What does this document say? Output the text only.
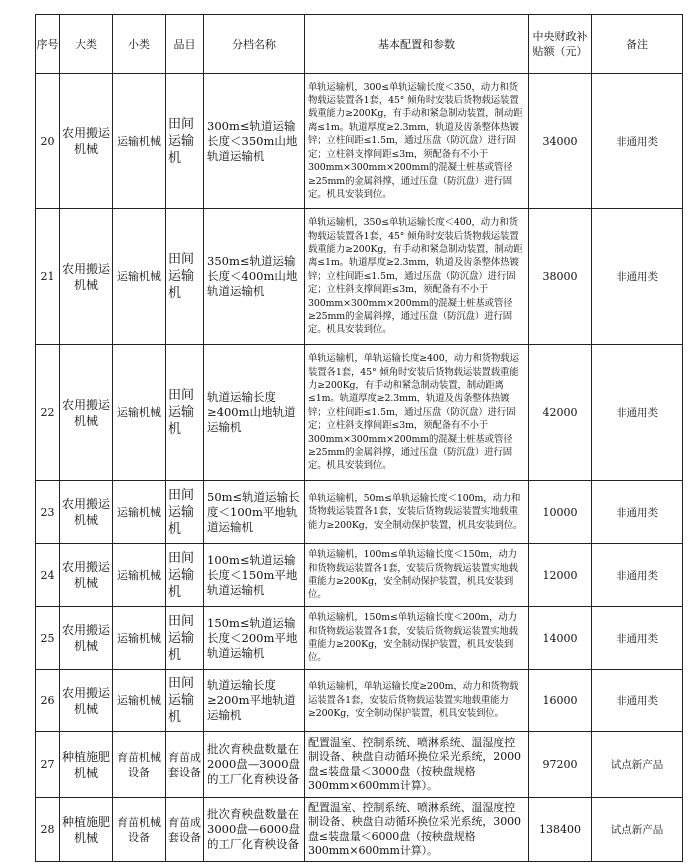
序号	大类	小类	品目	分档名称	基本配置和参数	中央财政补贴额（元）	备注
20	农用搬运机械	运输机械	田间运输机	300m≤轨道运输长度＜350m山地轨道运输机	单轨运输机，300≤单轨运输长度＜350，动力和货物载运装置各1套，45° 倾角时安装后货物载运装置载重能力≥200Kg，有手动和紧急制动装置，制动距离≤1m。轨道厚度≥2.3mm，轨道及齿条整体热镀锌；立柱间距≤1.5m，通过压盘（防沉盘）进行固定；立柱斜支撑间距≤3m，须配备有不小于300mm×300mm×200mm的混凝土桩基或管径≥25mm的金属斜撑，通过压盘（防沉盘）进行固定。机具安装到位。	34000	非通用类
21	农用搬运机械	运输机械	田间运输机	350m≤轨道运输长度＜400m山地轨道运输机	单轨运输机，350≤单轨运输长度＜400，动力和货物载运装置各1套，45° 倾角时安装后货物载运装置载重能力≥200Kg，有手动和紧急制动装置，制动距离≤1m。轨道厚度≥2.3mm，轨道及齿条整体热镀锌；立柱间距≤1.5m，通过压盘（防沉盘）进行固定；立柱斜支撑间距≤3m，须配备有不小于300mm×300mm×200mm的混凝土桩基或管径≥25mm的金属斜撑，通过压盘（防沉盘）进行固定。机具安装到位。	38000	非通用类
22	农用搬运机械	运输机械	田间运输机	轨道运输长度≥400m山地轨道运输机	单轨运输机，单轨运输长度≥400，动力和货物载运装置各1套，45° 倾角时安装后货物载运装置载重能力≥200Kg，有手动和紧急制动装置，制动距离≤1m。轨道厚度≥2.3mm，轨道及齿条整体热镀锌；立柱间距≤1.5m，通过压盘（防沉盘）进行固定；立柱斜支撑间距≤3m，须配备有不小于300mm×300mm×200mm的混凝土桩基或管径≥25mm的金属斜撑，通过压盘（防沉盘）进行固定。机具安装到位。	42000	非通用类
23	农用搬运机械	运输机械	田间运输机	50m≤轨道运输长度＜100m平地轨道运输机	单轨运输机，50m≤单轨运输长度＜100m，动力和货物载运装置各1套，安装后货物载运装置实地载重能力≥200Kg，安全制动保护装置，机具安装到位。	10000	非通用类
24	农用搬运机械	运输机械	田间运输机	100m≤轨道运输长度＜150m平地轨道运输机	单轨运输机，100m≤单轨运输长度＜150m，动力和货物载运装置各1套，安装后货物载运装置实地载重能力≥200Kg，安全制动保护装置，机具安装到位。	12000	非通用类
25	农用搬运机械	运输机械	田间运输机	150m≤轨道运输长度＜200m平地轨道运输机	单轨运输机，150m≤单轨运输长度＜200m，动力和货物载运装置各1套，安装后货物载运装置实地载重能力≥200Kg，安全制动保护装置，机具安装到位。	14000	非通用类
26	农用搬运机械	运输机械	田间运输机	轨道运输长度≥200m平地轨道运输机	单轨运输机，单轨运输长度≥200m，动力和货物载运装置各1套，安装后货物载运装置实地载重能力≥200Kg，安全制动保护装置，机具安装到位。	16000	非通用类
27	种植施肥机械	育苗机械设备	育苗成套设备	批次育秧盘数量在2000盘—3000盘的工厂化育秧设备	配置温室、控制系统、喷淋系统、温湿度控制设备、秧盘自动循环换位采光系统，2000盘≤装盘量＜3000盘（按秧盘规格300mm×600mm计算）。	97200	试点新产品
28	种植施肥机械	育苗机械设备	育苗成套设备	批次育秧盘数量在3000盘—6000盘的工厂化育秧设备	配置温室、控制系统、喷淋系统、温湿度控制设备、秧盘自动循环换位采光系统，3000盘≤装盘量＜6000盘（按秧盘规格300mm×600mm计算）。	138400	试点新产品
